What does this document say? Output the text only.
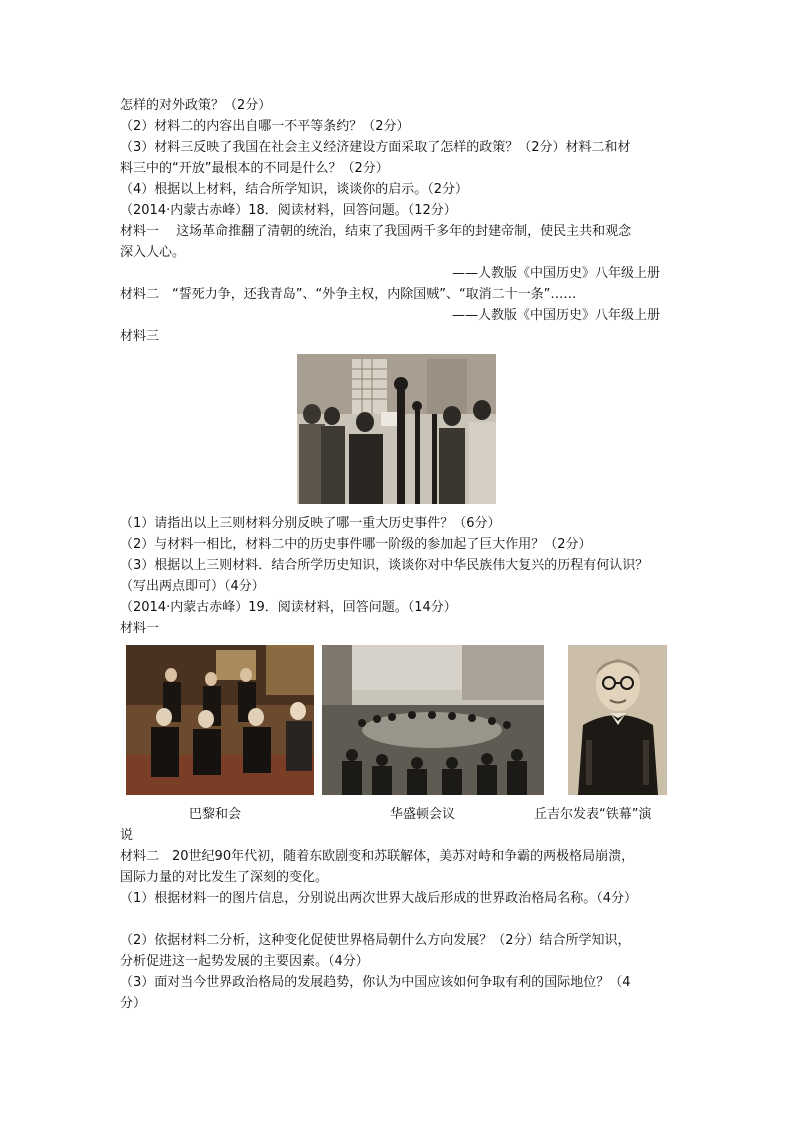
怎样的对外政策？（2分）
（2）材料二的内容出自哪一不平等条约？（2分）
（3）材料三反映了我国在社会主义经济建设方面采取了怎样的政策？（2分）材料二和材
料三中的“开放”最根本的不同是什么？（2分）
（4）根据以上材料，结合所学知识，谈谈你的启示。（2分）
（2014·内蒙古赤峰）18．阅读材料，回答问题。（12分）
材料一　 这场革命推翻了清朝的统治，结束了我国两千多年的封建帝制，使民主共和观念
深入人心。
——人教版《中国历史》八年级上册
材料二　“誓死力争，还我青岛”、“外争主权，内除国贼”、“取消二十一条”……
——人教版《中国历史》八年级上册
材料三
（1）请指出以上三则材料分别反映了哪一重大历史事件？（6分）
（2）与材料一相比，材料二中的历史事件哪一阶级的参加起了巨大作用？（2分）
（3）根据以上三则材料．结合所学历史知识，谈谈你对中华民族伟大复兴的历程有何认识？
（写出两点即可）（4分）
（2014·内蒙古赤峰）19．阅读材料，回答问题。（14分）
材料一
巴黎和会	华盛顿会议	丘吉尔发表“铁幕”演
说
材料二　20世纪90年代初，随着东欧剧变和苏联解体，美苏对峙和争霸的两极格局崩溃，
国际力量的对比发生了深刻的变化。
（1）根据材料一的图片信息，分别说出两次世界大战后形成的世界政治格局名称。（4分）
（2）依据材料二分析，这种变化促使世界格局朝什么方向发展？（2分）结合所学知识，
分析促进这一起势发展的主要因素。（4分）
（3）面对当今世界政治格局的发展趋势，你认为中国应该如何争取有利的国际地位？（4
分）
